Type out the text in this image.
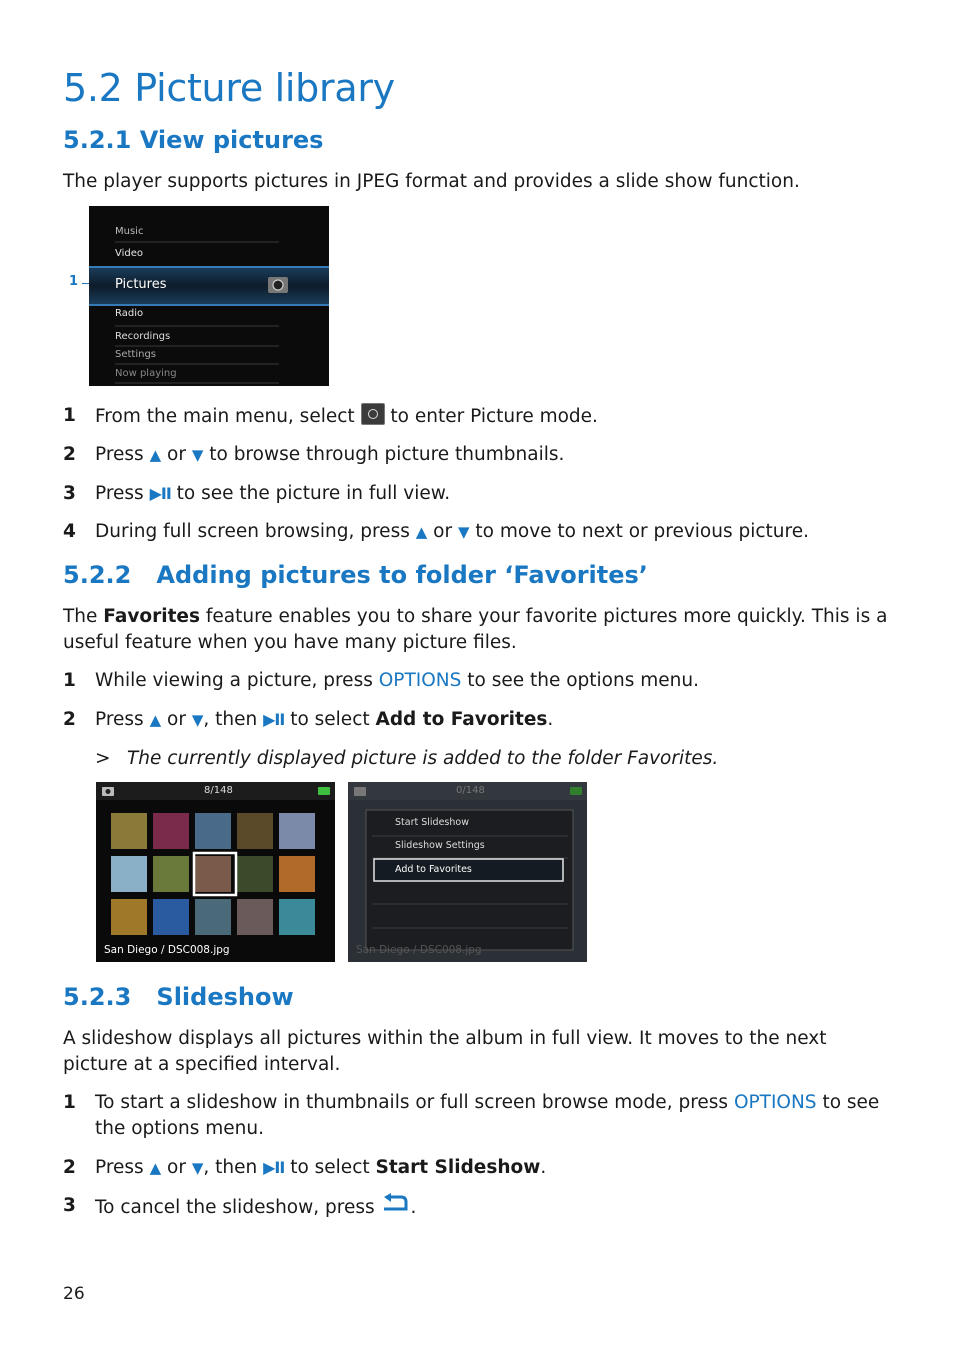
5.2 Picture library
5.2.1 View pictures
The player supports pictures in JPEG format and provides a slide show function.
1
Music
Video
Pictures
Radio
Recordings
Settings
Now playing
1 From the main menu, select  to enter Picture mode.
2 Press ▲ or ▼ to browse through picture thumbnails.
3 Press ▶II to see the picture in full view.
4 During full screen browsing, press ▲ or ▼ to move to next or previous picture.
5.2.2 Adding pictures to folder ‘Favorites’
The Favorites feature enables you to share your favorite pictures more quickly. This is a useful feature when you have many picture files.
1 While viewing a picture, press OPTIONS to see the options menu.
2 Press ▲ or ▼, then ▶II to select Add to Favorites.
> The currently displayed picture is added to the folder Favorites.
8/148
San Diego / DSC008.jpg
0/148
Start Slideshow
Slideshow Settings
Add to Favorites
San Diego / DSC008.jpg
5.2.3 Slideshow
A slideshow displays all pictures within the album in full view. It moves to the next picture at a specified interval.
1 To start a slideshow in thumbnails or full screen browse mode, press OPTIONS to see the options menu.
2 Press ▲ or ▼, then ▶II to select Start Slideshow.
3 To cancel the slideshow, press .
26
